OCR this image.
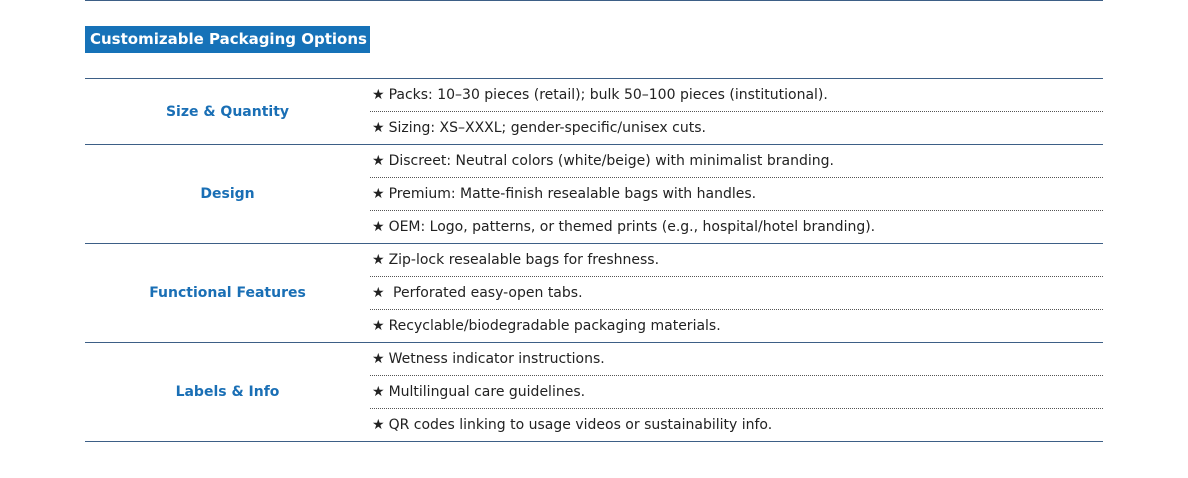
Customizable Packaging Options
Size & Quantity
★ Packs: 10–30 pieces (retail); bulk 50–100 pieces (institutional).
★ Sizing: XS–XXXL; gender-specific/unisex cuts.
Design
★ Discreet: Neutral colors (white/beige) with minimalist branding.
★ Premium: Matte-finish resealable bags with handles.
★ OEM: Logo, patterns, or themed prints (e.g., hospital/hotel branding).
Functional Features
★ Zip-lock resealable bags for freshness.
★ Perforated easy-open tabs.
★ Recyclable/biodegradable packaging materials.
Labels & Info
★ Wetness indicator instructions.
★ Multilingual care guidelines.
★ QR codes linking to usage videos or sustainability info.
